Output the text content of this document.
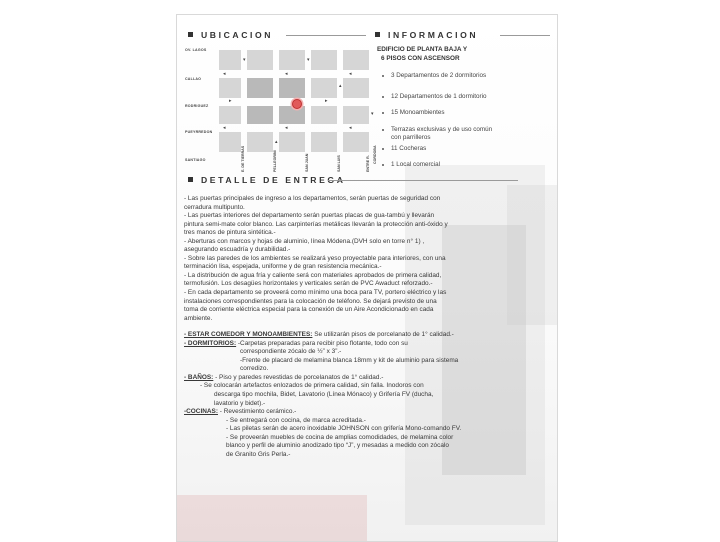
UBICACION	INFORMACION
OV. LAGOS
CALLAO
RODRIGUEZ
PUEYRREDON
SANTIAGO
◂	◂	◂
▸	▸
◂	◂	◂
▾	▾
▴
▴
▾
E. DE TIERRAS	PELLEGRINI	SAN JUAN	SAN LUIS	ENTRE R. CORDOBA
EDIFICIO DE PLANTA BAJA Y
6 PISOS CON ASCENSOR
3 Departamentos de 2 dormitorios
12 Departamentos de 1 dormitorio
15 Monoambientes
Terrazas exclusivas y de uso común
con parrilleros
11 Cocheras
1 Local comercial
DETALLE DE ENTREGA

- Las puertas principales de ingreso a los departamentos, serán puertas de seguridad con

cerradura multipunto.

- Las puertas interiores del departamento serán puertas placas de gua-tambú y llevarán

pintura semi-mate color blanco. Las carpinterías metálicas llevarán la protección anti-óxido y

tres manos de pintura sintética.-

- Aberturas con marcos y hojas de aluminio, línea Módena.(DVH solo en torre n° 1) ,

asegurando escuadría y durabilidad.-

- Sobre las paredes de los ambientes se realizará yeso proyectable para interiores, con una

terminación lisa, espejada, uniforme y de gran resistencia mecánica.-

- La distribución de agua fría y caliente será con materiales aprobados de primera calidad,

termofusión. Los desagües horizontales y verticales serán de PVC Awaduct reforzado.-

- En cada departamento se proveerá como mínimo una boca para TV, portero eléctrico y las

instalaciones correspondientes para la colocación de teléfono. Se dejará previsto de una

toma de corriente eléctrica especial para la conexión de un Aire Acondicionado en cada

ambiente.

- ESTAR COMEDOR Y MONOAMBIENTES: Se utilizarán pisos de porcelanato de 1° calidad.-

- DORMITORIOS: -Carpetas preparadas para recibir piso flotante, todo con su

correspondiente zócalo de ½” x 3”.-

-Frente de placard de melamina blanca 18mm y kit de aluminio para sistema

corredizo.

- BAÑOS: - Piso y paredes revestidas de porcelanatos de 1° calidad.-

- Se colocarán artefactos enlozados de primera calidad, sin falla. Inodoros con

descarga tipo mochila, Bidet, Lavatorio (Línea Mónaco) y Grifería FV (ducha,

lavatorio y bidet).-

-COCINAS: - Revestimiento cerámico.-

- Se entregará con cocina, de marca acreditada.-

- Las piletas serán de acero inoxidable JOHNSON con grifería Mono-comando FV.

- Se proveerán muebles de cocina de amplias comodidades, de melamina color

blanco y perfil de aluminio anodizado tipo “J”, y mesadas a medido con zócalo

de Granito Gris Perla.-
